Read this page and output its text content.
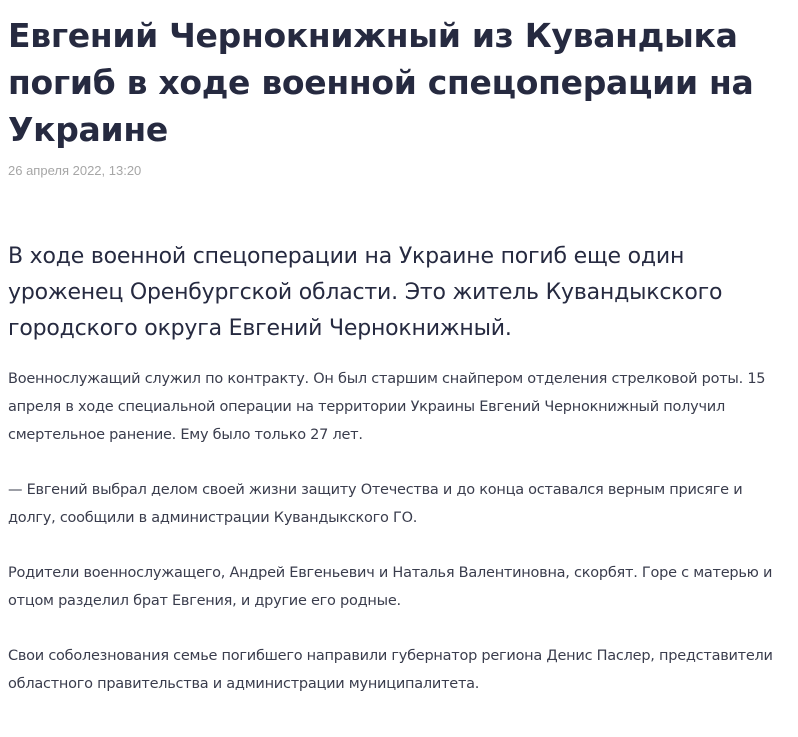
Евгений Чернокнижный из Кувандыка погиб в ходе военной спецоперации на Украине
26 апреля 2022, 13:20
В ходе военной спецоперации на Украине погиб еще один уроженец Оренбургской области. Это житель Кувандыкского городского округа Евгений Чернокнижный.

Военнослужащий служил по контракту. Он был старшим снайпером отделения стрелковой роты. 15 апреля в ходе специальной операции на территории Украины Евгений Чернокнижный получил смертельное ранение. Ему было только 27 лет.

— Евгений выбрал делом своей жизни защиту Отечества и до конца оставался верным присяге и долгу, сообщили в администрации Кувандыкского ГО.

Родители военнослужащего, Андрей Евгеньевич и Наталья Валентиновна, скорбят. Горе с матерью и отцом разделил брат Евгения, и другие его родные.

Свои соболезнования семье погибшего направили губернатор региона Денис Паслер, представители областного правительства и администрации муниципалитета.
